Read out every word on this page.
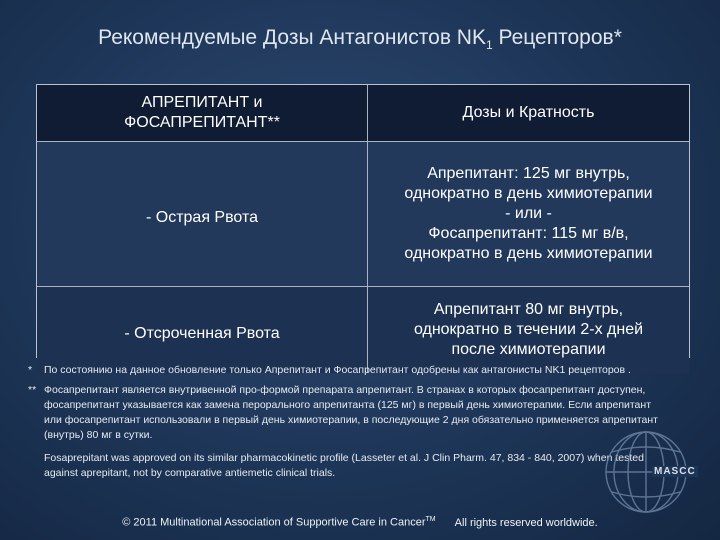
Рекомендуемые Дозы Антагонистов $NK_1$ Рецепторов*
АПРЕПИТАНТ и
ФОСАПРЕПИТАНТ**	Дозы и Кратность
- Острая Рвота	Апрепитант: 125 мг внутрь,
однократно в день химиотерапии
- или -
Фосапрепитант: 115 мг в/в,
однократно в день химиотерапии

- Отсроченная Рвота	Апрепитант 80 мг внутрь,
однократно в течении 2-х дней
после химиотерапии
* По состоянию на данное обновление только Апрепитант и Фосапрепитант одобрены как антагонисты NK1 рецепторов .
** Фосапрепитант является внутривенной про-формой препарата апрепитант. В странах в которых фосапрепитант доступен, фосапрепитант указывается как замена перорального апрепитанта (125 мг) в первый день химиотерапии. Если апрепитант или фосапрепитант использовали в первый день химиотерапии, в последующие 2 дня обязательно применяется апрепитант (внутрь) 80 мг в сутки.
Fosaprepitant was approved on its similar pharmacokinetic profile (Lasseter et al. J Clin Pharm. 47, 834 - 840, 2007) when tested against aprepitant, not by comparative antiemetic clinical trials.	MASCC
© 2011 Multinational Association of Supportive Care in Cancer™ All rights reserved worldwide.
